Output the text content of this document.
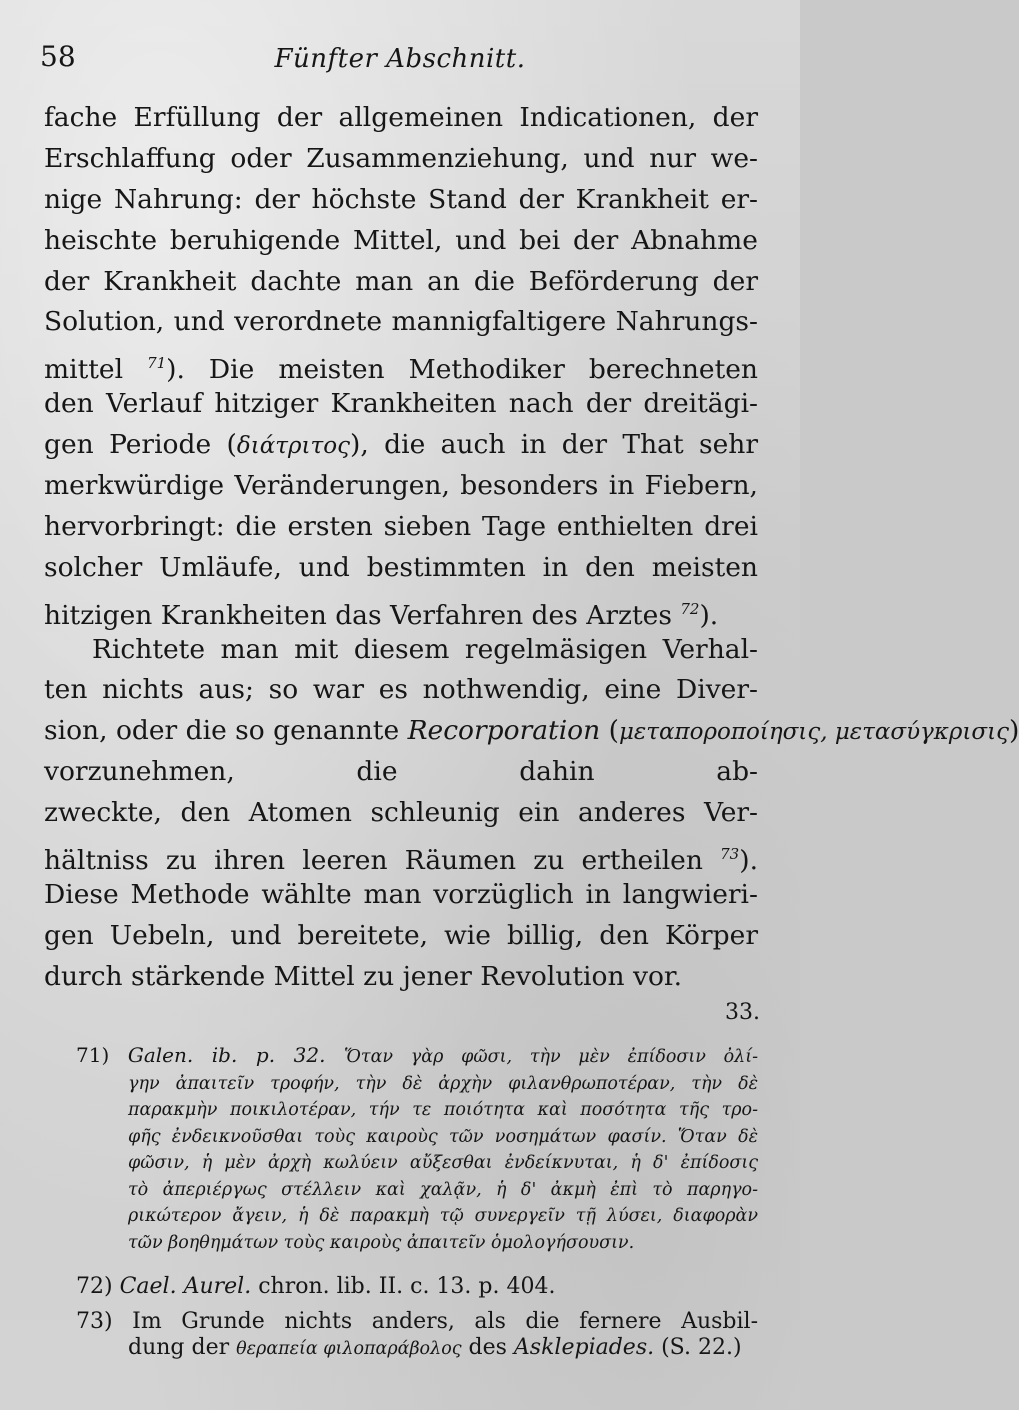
58	Fünfter Abschnitt.
fache Erfüllung der allgemeinen Indicationen, der
Erschlaffung oder Zusammenziehung, und nur we-
nige Nahrung: der höchste Stand der Krankheit er-
heischte beruhigende Mittel, und bei der Abnahme
der Krankheit dachte man an die Beförderung der
Solution, und verordnete mannigfaltigere Nahrungs-
mittel $^{71}$). Die meisten Methodiker berechneten
den Verlauf hitziger Krankheiten nach der dreitägi-
gen Periode (διάτριτος), die auch in der That sehr
merkwürdige Veränderungen, besonders in Fiebern,
hervorbringt: die ersten sieben Tage enthielten drei
solcher Umläufe, und bestimmten in den meisten
hitzigen Krankheiten das Verfahren des Arztes $^{72}$).
Richtete man mit diesem regelmäsigen Verhal-
ten nichts aus; so war es nothwendig, eine Diver-
sion, oder die so genannte Recorporation (μεταποροποίησις, μετασύγκρισις)
vorzunehmen, die dahin ab-
zweckte, den Atomen schleunig ein anderes Ver-
hältniss zu ihren leeren Räumen zu ertheilen $^{73}$).
Diese Methode wählte man vorzüglich in langwieri-
gen Uebeln, und bereitete, wie billig, den Körper
durch stärkende Mittel zu jener Revolution vor.
33.
71) Galen. ib. p. 32. Ὅταν γὰρ φῶσι, τὴν μὲν ἐπίδοσιν ὀλί-
γην ἀπαιτεῖν τροφήν, τὴν δὲ ἀρχὴν φιλανθρωποτέραν, τὴν δὲ
παρακμὴν ποικιλοτέραν, τήν τε ποιότητα καὶ ποσότητα τῆς τρο-
φῆς ἐνδεικνοῦσθαι τοὺς καιροὺς τῶν νοσημάτων φασίν. Ὅταν δὲ
φῶσιν, ἡ μὲν ἀρχὴ κωλύειν αὔξεσθαι ἐνδείκνυται, ἡ δ' ἐπίδοσις
τὸ ἀπεριέργως στέλλειν καὶ χαλᾷν, ἡ δ' ἀκμὴ ἐπὶ τὸ παρηγο-
ρικώτερον ἄγειν, ἡ δὲ παρακμὴ τῷ συνεργεῖν τῇ λύσει, διαφορὰν
τῶν βοηθημάτων τοὺς καιροὺς ἀπαιτεῖν ὁμολογήσουσιν.
72) Cael. Aurel. chron. lib. II. c. 13. p. 404.
73) Im Grunde nichts anders, als die fernere Ausbil-
dung der θεραπεία φιλοπαράβολος des Asklepiades. (S. 22.)
